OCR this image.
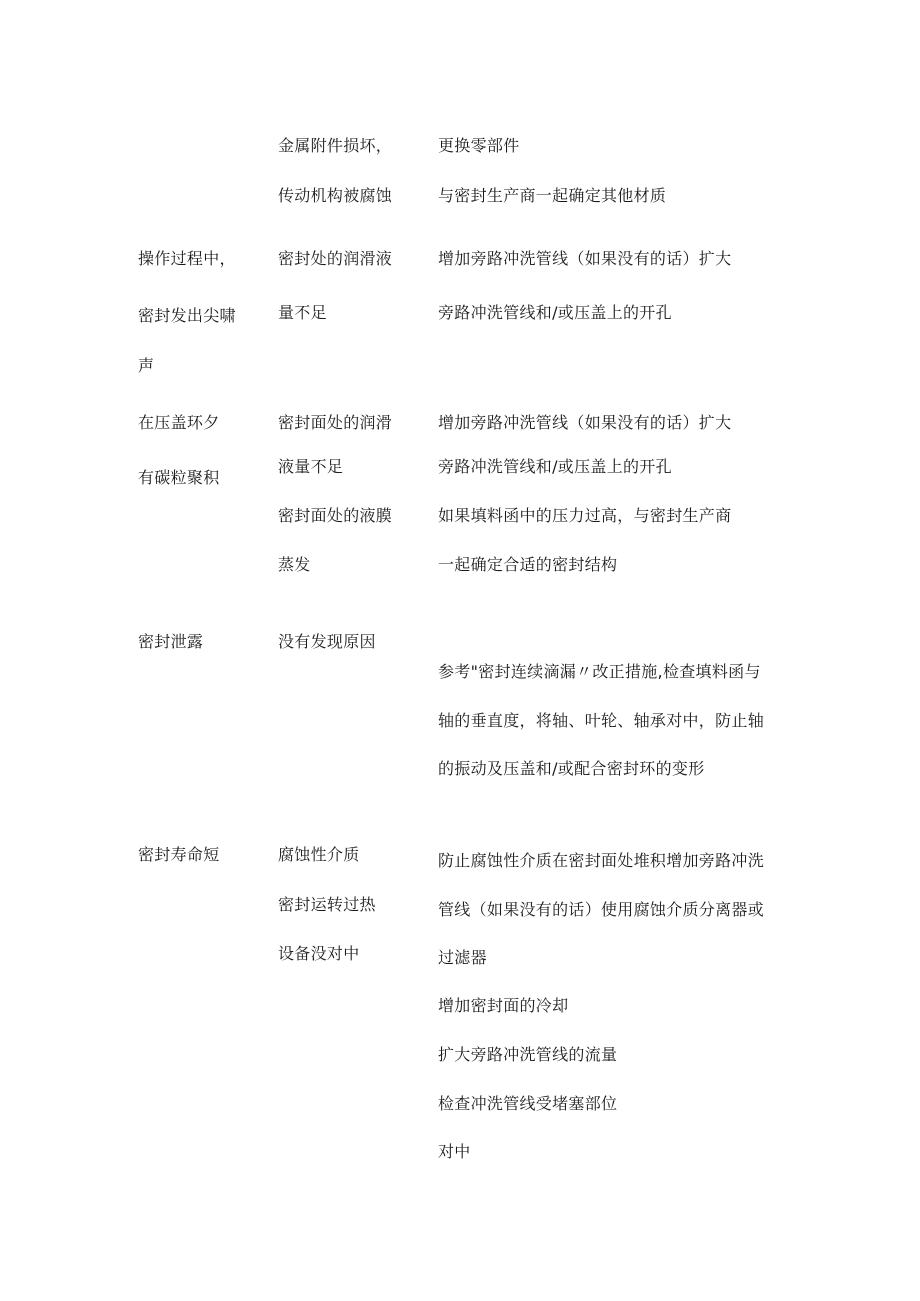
金属附件损坏，
传动机构被腐蚀
更换零部件
与密封生产商一起确定其他材质
操作过程中，
密封发出尖啸
声
密封处的润滑液
量不足
增加旁路冲洗管线（如果没有的话）扩大
旁路冲洗管线和/或压盖上的开孔
在压盖环夕
有碳粒聚积
密封面处的润滑
液量不足
密封面处的液膜
蒸发
增加旁路冲洗管线（如果没有的话）扩大
旁路冲洗管线和/或压盖上的开孔
如果填料函中的压力过高，与密封生产商
一起确定合适的密封结构
密封泄露	没有发现原因
参考"密封连续滴漏〃改正措施,检查填料函与
轴的垂直度，将轴、叶轮、轴承对中，防止轴
的振动及压盖和/或配合密封环的变形
密封寿命短	腐蚀性介质
密封运转过热
设备没对中
防止腐蚀性介质在密封面处堆积增加旁路冲洗
管线（如果没有的话）使用腐蚀介质分离器或
过滤器
增加密封面的冷却
扩大旁路冲洗管线的流量
检查冲洗管线受堵塞部位
对中
